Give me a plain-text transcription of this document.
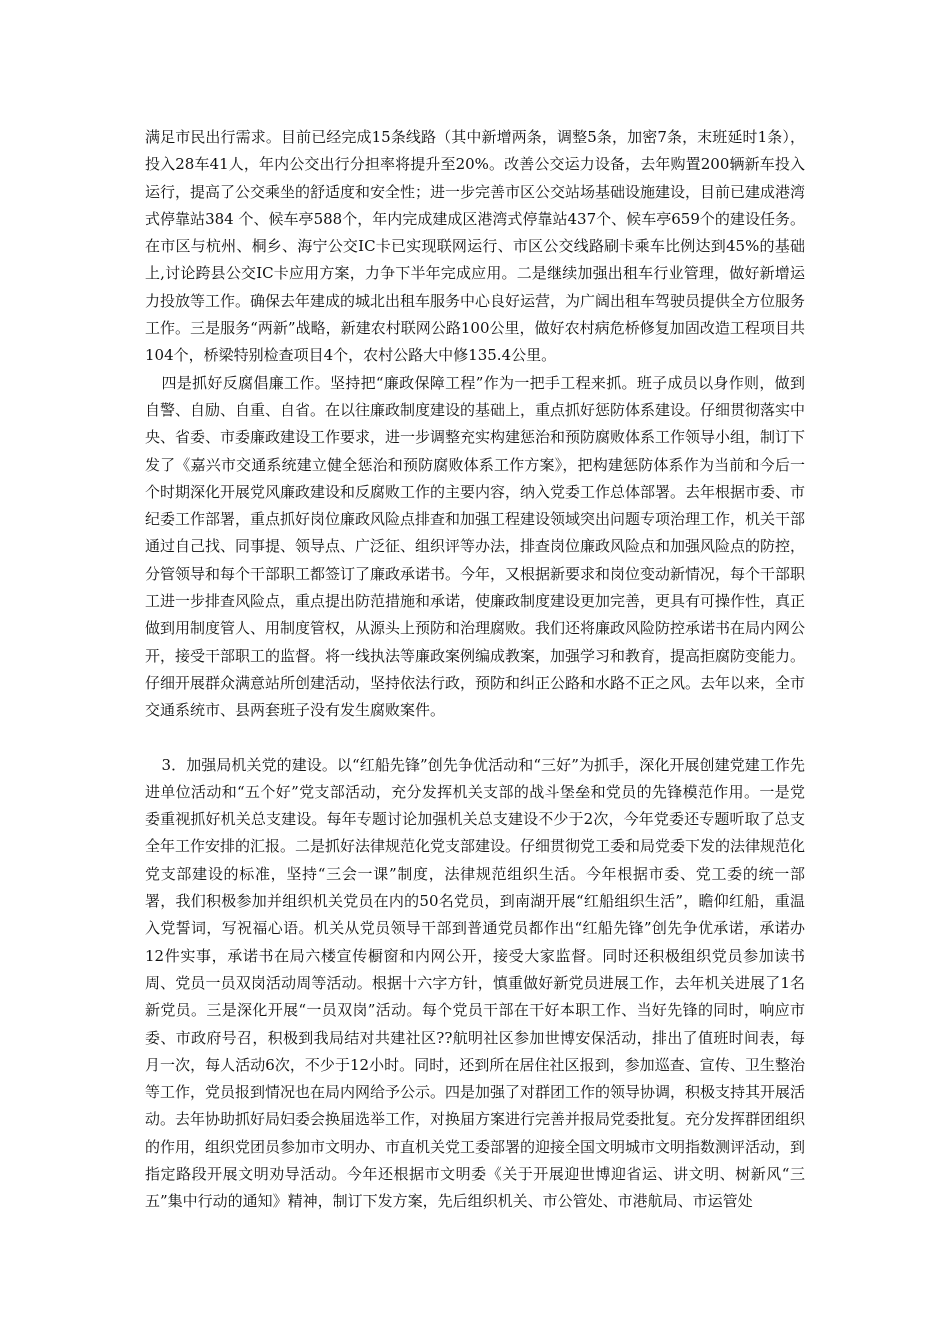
满足市民出行需求。目前已经完成15条线路（其中新增两条，调整5条，加密7条，末班延时1条），投入28车41人，年内公交出行分担率将提升至20%。改善公交运力设备，去年购置200辆新车投入运行，提高了公交乘坐的舒适度和安全性；进一步完善市区公交站场基础设施建设，目前已建成港湾式停靠站384 个、候车亭588个，年内完成建成区港湾式停靠站437个、候车亭659个的建设任务。在市区与杭州、桐乡、海宁公交IC卡已实现联网运行、市区公交线路刷卡乘车比例达到45%的基础上,讨论跨县公交IC卡应用方案，力争下半年完成应用。二是继续加强出租车行业管理，做好新增运力投放等工作。确保去年建成的城北出租车服务中心良好运营，为广阔出租车驾驶员提供全方位服务工作。三是服务“两新”战略，新建农村联网公路100公里，做好农村病危桥修复加固改造工程项目共104个，桥梁特别检查项目4个，农村公路大中修135.4公里。

四是抓好反腐倡廉工作。坚持把“廉政保障工程”作为一把手工程来抓。班子成员以身作则，做到自警、自励、自重、自省。在以往廉政制度建设的基础上，重点抓好惩防体系建设。仔细贯彻落实中央、省委、市委廉政建设工作要求，进一步调整充实构建惩治和预防腐败体系工作领导小组，制订下发了《嘉兴市交通系统建立健全惩治和预防腐败体系工作方案》，把构建惩防体系作为当前和今后一个时期深化开展党风廉政建设和反腐败工作的主要内容，纳入党委工作总体部署。去年根据市委、市纪委工作部署，重点抓好岗位廉政风险点排查和加强工程建设领域突出问题专项治理工作，机关干部通过自己找、同事提、领导点、广泛征、组织评等办法，排查岗位廉政风险点和加强风险点的防控，分管领导和每个干部职工都签订了廉政承诺书。今年，又根据新要求和岗位变动新情况，每个干部职工进一步排查风险点，重点提出防范措施和承诺，使廉政制度建设更加完善，更具有可操作性，真正做到用制度管人、用制度管权，从源头上预防和治理腐败。我们还将廉政风险防控承诺书在局内网公开，接受干部职工的监督。将一线执法等廉政案例编成教案，加强学习和教育，提高拒腐防变能力。仔细开展群众满意站所创建活动，坚持依法行政，预防和纠正公路和水路不正之风。去年以来，全市交通系统市、县两套班子没有发生腐败案件。

3．加强局机关党的建设。以“红船先锋”创先争优活动和“三好”为抓手，深化开展创建党建工作先进单位活动和“五个好”党支部活动，充分发挥机关支部的战斗堡垒和党员的先锋模范作用。一是党委重视抓好机关总支建设。每年专题讨论加强机关总支建设不少于2次，今年党委还专题听取了总支全年工作安排的汇报。二是抓好法律规范化党支部建设。仔细贯彻党工委和局党委下发的法律规范化党支部建设的标准，坚持“三会一课”制度，法律规范组织生活。今年根据市委、党工委的统一部署，我们积极参加并组织机关党员在内的50名党员，到南湖开展“红船组织生活”，瞻仰红船，重温入党誓词，写祝福心语。机关从党员领导干部到普通党员都作出“红船先锋”创先争优承诺，承诺办12件实事，承诺书在局六楼宣传橱窗和内网公开，接受大家监督。同时还积极组织党员参加读书周、党员一员双岗活动周等活动。根据十六字方针，慎重做好新党员进展工作，去年机关进展了1名新党员。三是深化开展“一员双岗”活动。每个党员干部在干好本职工作、当好先锋的同时，响应市委、市政府号召，积极到我局结对共建社区??航明社区参加世博安保活动，排出了值班时间表，每月一次，每人活动6次，不少于12小时。同时，还到所在居住社区报到，参加巡查、宣传、卫生整治等工作，党员报到情况也在局内网给予公示。四是加强了对群团工作的领导协调，积极支持其开展活动。去年协助抓好局妇委会换届选举工作，对换届方案进行完善并报局党委批复。充分发挥群团组织的作用，组织党团员参加市文明办、市直机关党工委部署的迎接全国文明城市文明指数测评活动，到指定路段开展文明劝导活动。今年还根据市文明委《关于开展迎世博迎省运、讲文明、树新风“三五”集中行动的通知》精神，制订下发方案，先后组织机关、市公管处、市港航局、市运管处
